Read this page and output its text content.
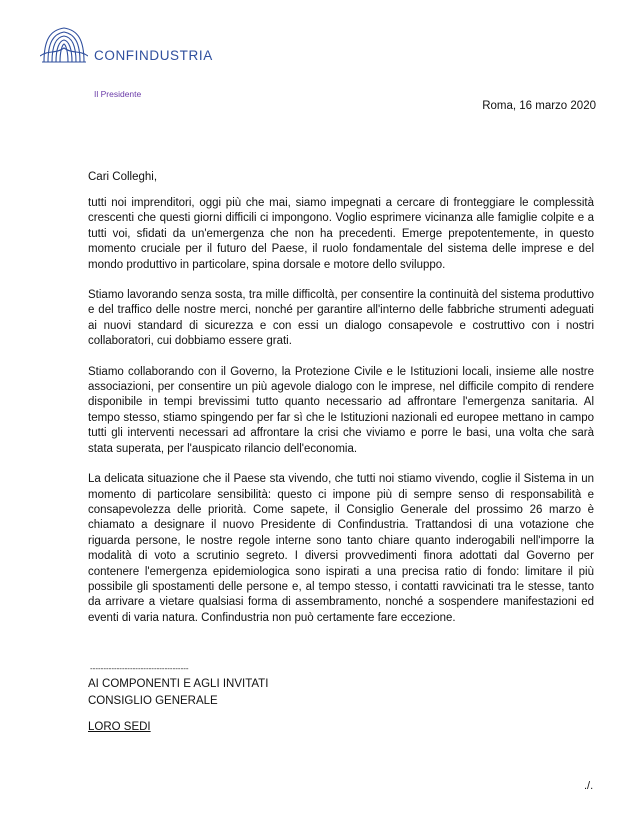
CONFINDUSTRIA
Il Presidente
Roma, 16 marzo 2020
Cari Colleghi,

tutti noi imprenditori, oggi più che mai, siamo impegnati a cercare di fronteggiare le complessità crescenti che questi giorni difficili ci impongono. Voglio esprimere vicinanza alle famiglie colpite e a tutti voi, sfidati da un'emergenza che non ha precedenti. Emerge prepotentemente, in questo momento cruciale per il futuro del Paese, il ruolo fondamentale del sistema delle imprese e del mondo produttivo in particolare, spina dorsale e motore dello sviluppo.

Stiamo lavorando senza sosta, tra mille difficoltà, per consentire la continuità del sistema produttivo e del traffico delle nostre merci, nonché per garantire all'interno delle fabbriche strumenti adeguati ai nuovi standard di sicurezza e con essi un dialogo consapevole e costruttivo con i nostri collaboratori, cui dobbiamo essere grati.

Stiamo collaborando con il Governo, la Protezione Civile e le Istituzioni locali, insieme alle nostre associazioni, per consentire un più agevole dialogo con le imprese, nel difficile compito di rendere disponibile in tempi brevissimi tutto quanto necessario ad affrontare l'emergenza sanitaria. Al tempo stesso, stiamo spingendo per far sì che le Istituzioni nazionali ed europee mettano in campo tutti gli interventi necessari ad affrontare la crisi che viviamo e porre le basi, una volta che sarà stata superata, per l'auspicato rilancio dell'economia.

La delicata situazione che il Paese sta vivendo, che tutti noi stiamo vivendo, coglie il Sistema in un momento di particolare sensibilità: questo ci impone più di sempre senso di responsabilità e consapevolezza delle priorità. Come sapete, il Consiglio Generale del prossimo 26 marzo è chiamato a designare il nuovo Presidente di Confindustria. Trattandosi di una votazione che riguarda persone, le nostre regole interne sono tanto chiare quanto inderogabili nell'imporre la modalità di voto a scrutinio segreto. I diversi provvedimenti finora adottati dal Governo per contenere l'emergenza epidemiologica sono ispirati a una precisa ratio di fondo: limitare il più possibile gli spostamenti delle persone e, al tempo stesso, i contatti ravvicinati tra le stesse, tanto da arrivare a vietare qualsiasi forma di assembramento, nonché a sospendere manifestazioni ed eventi di varia natura. Confindustria non può certamente fare eccezione.

-------------------------------------
AI COMPONENTI E AGLI INVITATI
CONSIGLIO GENERALE
LORO SEDI
./.
